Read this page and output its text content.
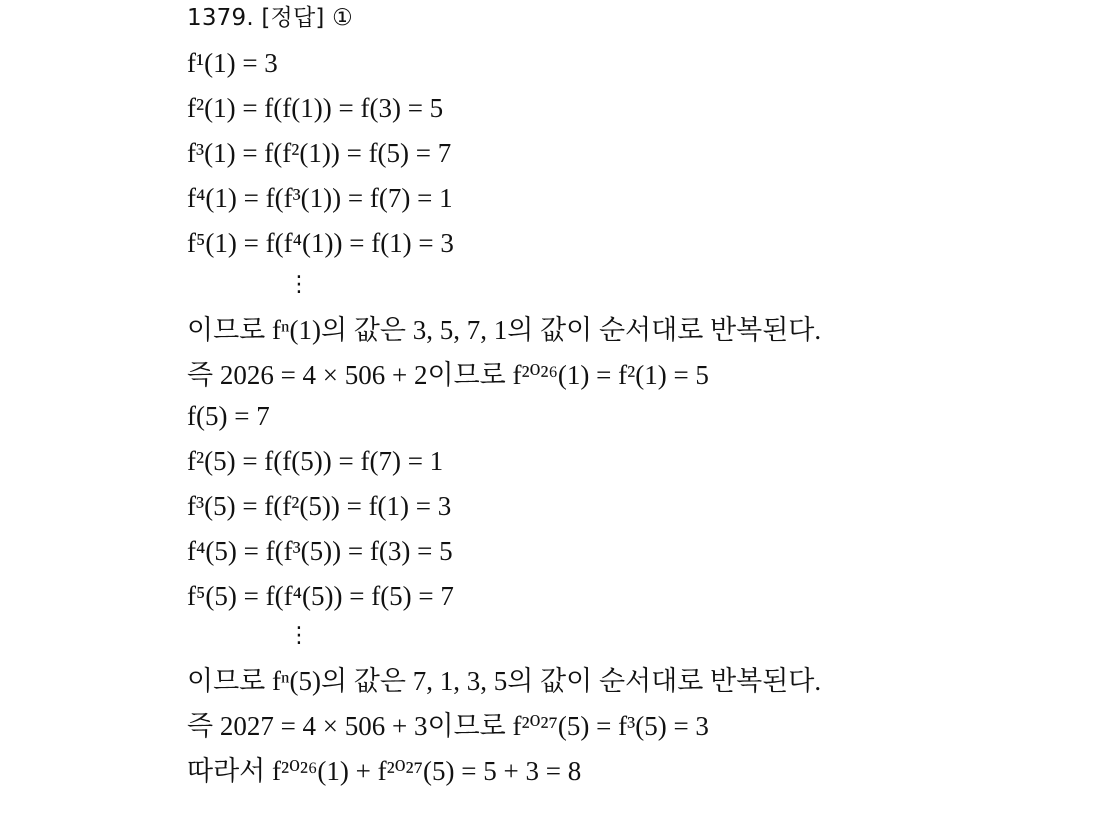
1379. [정답] ①
f¹(1) = 3
f²(1) = f(f(1)) = f(3) = 5
f³(1) = f(f²(1)) = f(5) = 7
f⁴(1) = f(f³(1)) = f(7) = 1
f⁵(1) = f(f⁴(1)) = f(1) = 3
⋮
이므로 fⁿ(1)의 값은 3, 5, 7, 1의 값이 순서대로 반복된다.
즉 2026 = 4 × 506 + 2이므로 f²⁰²⁶(1) = f²(1) = 5
f(5) = 7
f²(5) = f(f(5)) = f(7) = 1
f³(5) = f(f²(5)) = f(1) = 3
f⁴(5) = f(f³(5)) = f(3) = 5
f⁵(5) = f(f⁴(5)) = f(5) = 7
⋮
이므로 fⁿ(5)의 값은 7, 1, 3, 5의 값이 순서대로 반복된다.
즉 2027 = 4 × 506 + 3이므로 f²⁰²⁷(5) = f³(5) = 3
따라서 f²⁰²⁶(1) + f²⁰²⁷(5) = 5 + 3 = 8
